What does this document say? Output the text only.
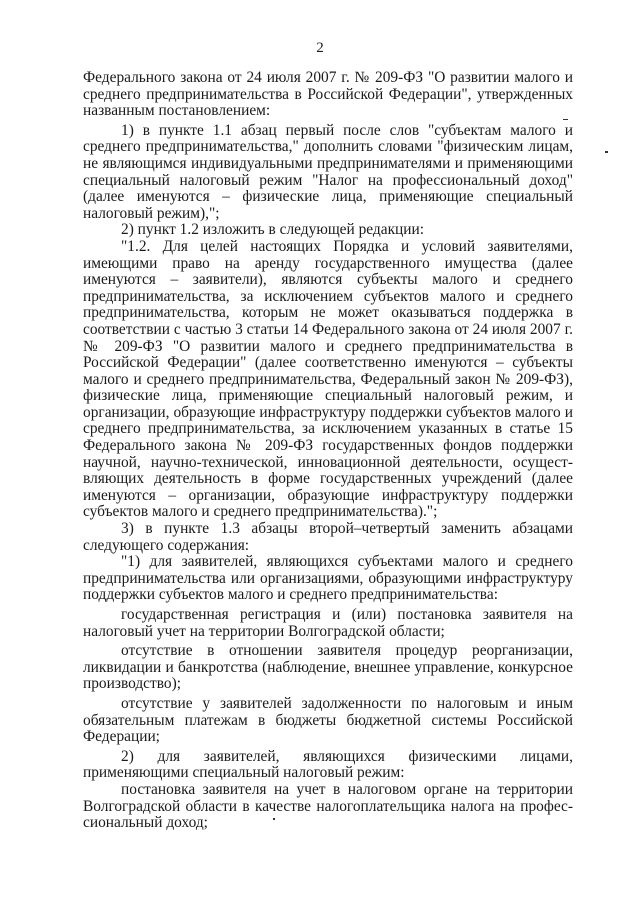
2

Федерального закона от 24 июля 2007 г. № 209-ФЗ "О развитии малого и среднего предпринимательства в Российской Федерации", утвержденных названным постановлением:

1) в пункте 1.1 абзац первый после слов "субъектам малого и среднего предпринимательства," дополнить словами "физическим лицам, не являющимся индивидуальными предпринимателями и применяющими специальный налоговый режим "Налог на профессиональный доход" (далее именуются – физические лица, применяющие специальный налоговый режим),";

2) пункт 1.2 изложить в следующей редакции:

"1.2. Для целей настоящих Порядка и условий заявителями, имеющими право на аренду государственного имущества (далее именуются – заявители), являются субъекты малого и среднего предпринимательства, за исключением субъектов малого и среднего предпринимательства, которым не может оказываться поддержка в соответствии с частью 3 статьи 14 Федерального закона от 24 июля 2007 г. № 209-ФЗ "О развитии малого и среднего предпринимательства в Российской Федерации" (далее соответственно именуются – субъекты малого и среднего предпринимательства, Федеральный закон № 209-ФЗ), физические лица, применяющие специальный налоговый режим, и организации, образующие инфраструктуру поддержки субъектов малого и среднего предпринимательства, за исключением указанных в статье 15 Федерального закона № 209-ФЗ государственных фондов поддержки научной, научно-технической, инновационной деятельности, осущест-вляющих деятельность в форме государственных учреждений (далее именуются – организации, образующие инфраструктуру поддержки субъектов малого и среднего предпринимательства).";

3) в пункте 1.3 абзацы второй–четвертый заменить абзацами следующего содержания:

"1) для заявителей, являющихся субъектами малого и среднего предпринимательства или организациями, образующими инфраструктуру поддержки субъектов малого и среднего предпринимательства:

государственная регистрация и (или) постановка заявителя на налоговый учет на территории Волгоградской области;

отсутствие в отношении заявителя процедур реорганизации, ликвидации и банкротства (наблюдение, внешнее управление, конкурсное производство);

отсутствие у заявителей задолженности по налоговым и иным обязательным платежам в бюджеты бюджетной системы Российской Федерации;

2) для заявителей, являющихся физическими лицами, применяющими специальный налоговый режим:

постановка заявителя на учет в налоговом органе на территории Волгоградской области в качестве налогоплательщика налога на профес-сиональный доход;
